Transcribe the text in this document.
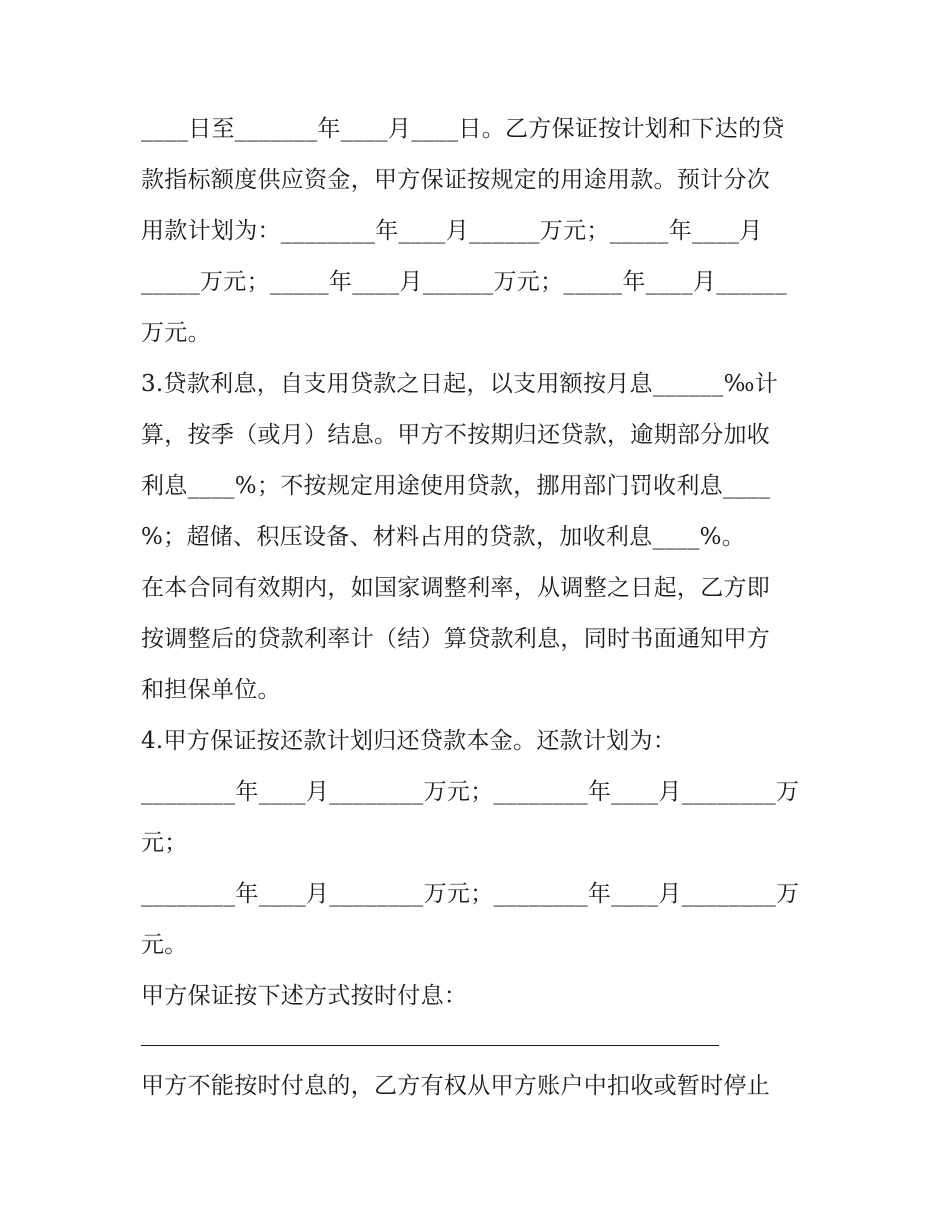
____日至_______年____月____日。乙方保证按计划和下达的贷
款指标额度供应资金，甲方保证按规定的用途用款。预计分次
用款计划为：________年____月______万元；_____年____月
_____万元；_____年____月______万元；_____年____月______
万元。
3.贷款利息，自支用贷款之日起，以支用额按月息______‰计
算，按季（或月）结息。甲方不按期归还贷款，逾期部分加收
利息____%；不按规定用途使用贷款，挪用部门罚收利息____
%；超储、积压设备、材料占用的贷款，加收利息____%。
在本合同有效期内，如国家调整利率，从调整之日起，乙方即
按调整后的贷款利率计（结）算贷款利息，同时书面通知甲方
和担保单位。
4.甲方保证按还款计划归还贷款本金。还款计划为：
________年____月________万元；________年____月________万
元；
________年____月________万元；________年____月________万
元。
甲方保证按下述方式按时付息：
甲方不能按时付息的，乙方有权从甲方账户中扣收或暂时停止
